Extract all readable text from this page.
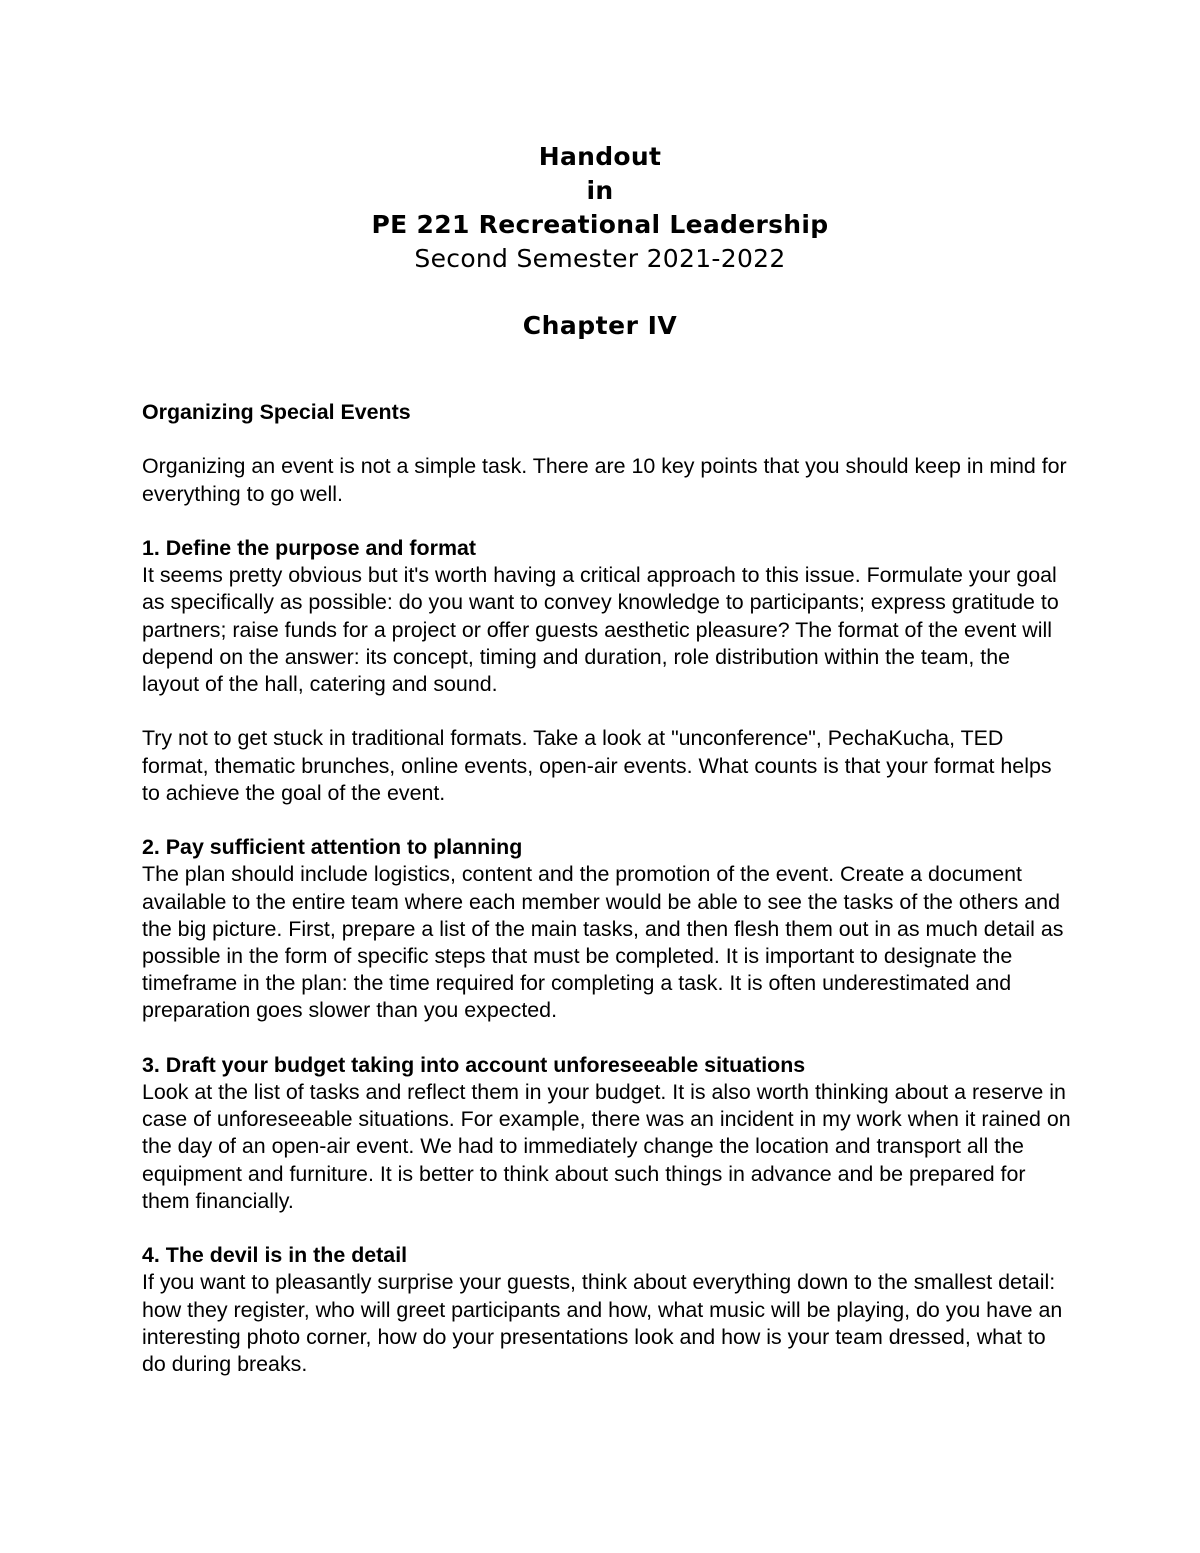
Handout

in

PE 221 Recreational Leadership

Second Semester 2021-2022

Chapter IV

Organizing Special Events

Organizing an event is not a simple task. There are 10 key points that you should keep in mind for everything to go well.

1. Define the purpose and format
It seems pretty obvious but it's worth having a critical approach to this issue. Formulate your goal as specifically as possible: do you want to convey knowledge to participants; express gratitude to partners; raise funds for a project or offer guests aesthetic pleasure? The format of the event will depend on the answer: its concept, timing and duration, role distribution within the team, the layout of the hall, catering and sound.

Try not to get stuck in traditional formats. Take a look at "unconference", PechaKucha, TED format, thematic brunches, online events, open-air events. What counts is that your format helps to achieve the goal of the event.

2. Pay sufficient attention to planning
The plan should include logistics, content and the promotion of the event. Create a document available to the entire team where each member would be able to see the tasks of the others and the big picture. First, prepare a list of the main tasks, and then flesh them out in as much detail as possible in the form of specific steps that must be completed. It is important to designate the timeframe in the plan: the time required for completing a task. It is often underestimated and preparation goes slower than you expected.

3. Draft your budget taking into account unforeseeable situations
Look at the list of tasks and reflect them in your budget. It is also worth thinking about a reserve in case of unforeseeable situations. For example, there was an incident in my work when it rained on the day of an open-air event. We had to immediately change the location and transport all the equipment and furniture. It is better to think about such things in advance and be prepared for them financially.

4. The devil is in the detail
If you want to pleasantly surprise your guests, think about everything down to the smallest detail: how they register, who will greet participants and how, what music will be playing, do you have an interesting photo corner, how do your presentations look and how is your team dressed, what to do during breaks.
